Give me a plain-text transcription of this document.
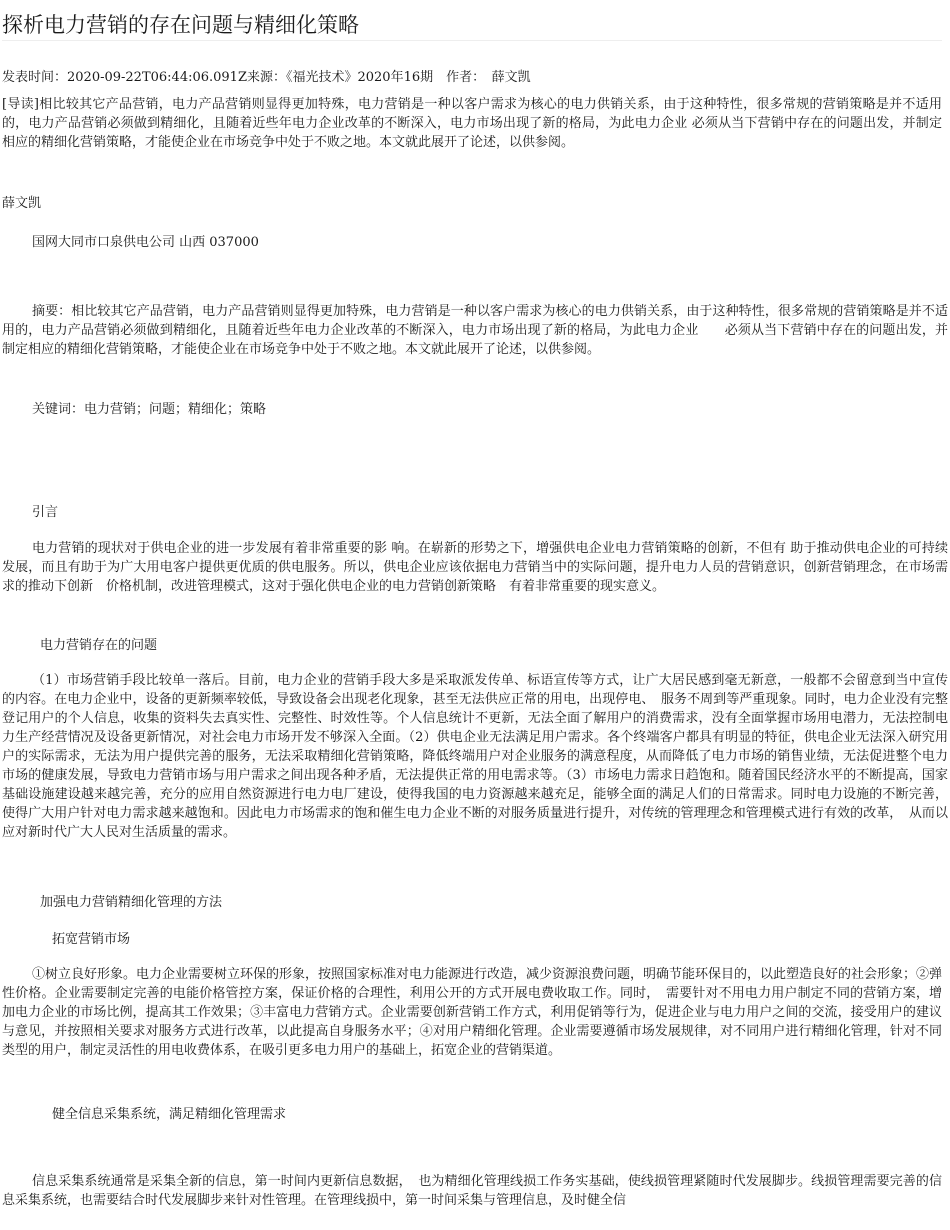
探析电力营销的存在问题与精细化策略
发表时间：2020-09-22T06:44:06.091Z来源：《福光技术》2020年16期　作者：　薛文凯
[导读]相比较其它产品营销，电力产品营销则显得更加特殊，电力营销是一种以客户需求为核心的电力供销关系，由于这种特性，很多常规的营销策略是并不适用的，电力产品营销必须做到精细化，且随着近些年电力企业改革的不断深入，电力市场出现了新的格局，为此电力企业 必须从当下营销中存在的问题出发，并制定相应的精细化营销策略，才能使企业在市场竞争中处于不败之地。本文就此展开了论述，以供参阅。
薛文凯
国网大同市口泉供电公司 山西 037000
摘要：相比较其它产品营销，电力产品营销则显得更加特殊，电力营销是一种以客户需求为核心的电力供销关系，由于这种特性，很多常规的营销策略是并不适用的，电力产品营销必须做到精细化，且随着近些年电力企业改革的不断深入，电力市场出现了新的格局，为此电力企业　　必须从当下营销中存在的问题出发，并制定相应的精细化营销策略，才能使企业在市场竞争中处于不败之地。本文就此展开了论述，以供参阅。
关键词：电力营销；问题；精细化；策略
引言
电力营销的现状对于供电企业的进一步发展有着非常重要的影 响。在崭新的形势之下，增强供电企业电力营销策略的创新，不但有 助于推动供电企业的可持续发展，而且有助于为广大用电客户提供更优质的供电服务。所以，供电企业应该依据电力营销当中的实际问题，提升电力人员的营销意识，创新营销理念，在市场需求的推动下创新　价格机制，改进管理模式，这对于强化供电企业的电力营销创新策略　有着非常重要的现实意义。
电力营销存在的问题
（1）市场营销手段比较单一落后。目前，电力企业的营销手段大多是采取派发传单、标语宣传等方式，让广大居民感到毫无新意，一般都不会留意到当中宣传的内容。在电力企业中，设备的更新频率较低，导致设备会出现老化现象，甚至无法供应正常的用电，出现停电、　服务不周到等严重现象。同时，电力企业没有完整登记用户的个人信息，收集的资料失去真实性、完整性、时效性等。个人信息统计不更新，无法全面了解用户的消费需求，没有全面掌握市场用电潜力，无法控制电力生产经营情况及设备更新情况，对社会电力市场开发不够深入全面。（2）供电企业无法满足用户需求。各个终端客户都具有明显的特征，供电企业无法深入研究用户的实际需求，无法为用户提供完善的服务，无法采取精细化营销策略，降低终端用户对企业服务的满意程度，从而降低了电力市场的销售业绩，无法促进整个电力市场的健康发展，导致电力营销市场与用户需求之间出现各种矛盾，无法提供正常的用电需求等。（3）市场电力需求日趋饱和。随着国民经济水平的不断提高，国家基础设施建设越来越完善，充分的应用自然资源进行电力电厂建设，使得我国的电力资源越来越充足，能够全面的满足人们的日常需求。同时电力设施的不断完善，使得广大用户针对电力需求越来越饱和。因此电力市场需求的饱和催生电力企业不断的对服务质量进行提升，对传统的管理理念和管理模式进行有效的改革，　从而以应对新时代广大人民对生活质量的需求。
加强电力营销精细化管理的方法
拓宽营销市场
①树立良好形象。电力企业需要树立环保的形象，按照国家标准对电力能源进行改造，减少资源浪费问题，明确节能环保目的，以此塑造良好的社会形象；②弹性价格。企业需要制定完善的电能价格管控方案，保证价格的合理性，利用公开的方式开展电费收取工作。同时，　需要针对不用电力用户制定不同的营销方案，增加电力企业的市场比例，提高其工作效果；③丰富电力营销方式。企业需要创新营销工作方式，利用促销等行为，促进企业与电力用户之间的交流，接受用户的建议与意见，并按照相关要求对服务方式进行改革，以此提高自身服务水平；④对用户精细化管理。企业需要遵循市场发展规律，对不同用户进行精细化管理，针对不同类型的用户，制定灵活性的用电收费体系，在吸引更多电力用户的基础上，拓宽企业的营销渠道。
健全信息采集系统，满足精细化管理需求
信息采集系统通常是采集全新的信息，第一时间内更新信息数据，　也为精细化管理线损工作务实基础，使线损管理紧随时代发展脚步。线损管理需要完善的信息采集系统，也需要结合时代发展脚步来针对性管理。在管理线损中，第一时间采集与管理信息，及时健全信
